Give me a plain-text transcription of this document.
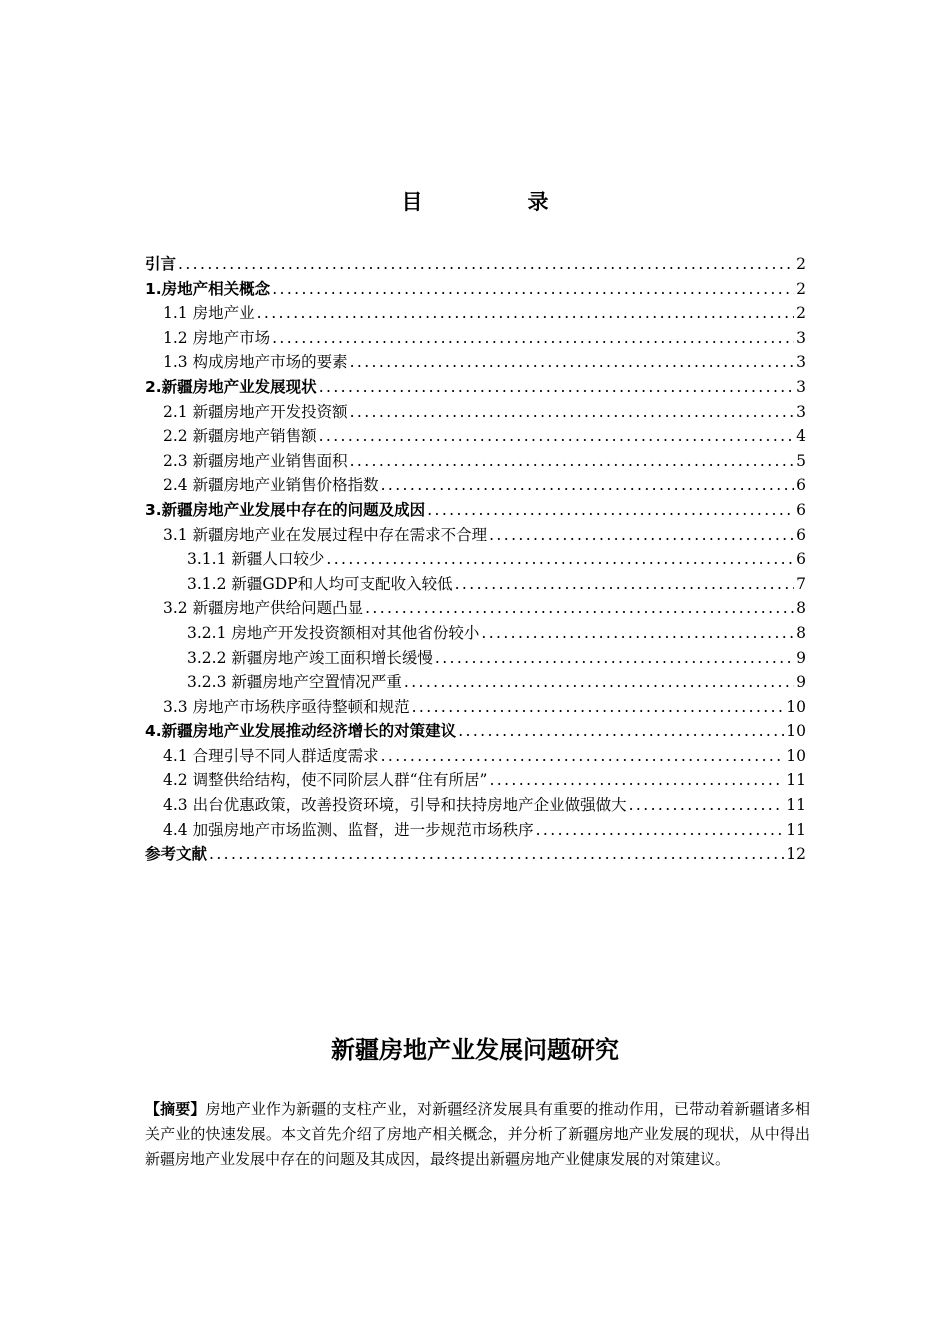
目　录
引言 .....	2
1.房地产相关概念 .....	2
1.1 房地产业 .....	2
1.2 房地产市场 .....	3
1.3 构成房地产市场的要素 .....	3
2.新疆房地产业发展现状 .....	3
2.1 新疆房地产开发投资额 .....	3
2.2 新疆房地产销售额 .....	4
2.3 新疆房地产业销售面积 .....	5
2.4 新疆房地产业销售价格指数 .....	6
3.新疆房地产业发展中存在的问题及成因 .....	6
3.1 新疆房地产业在发展过程中存在需求不合理 .....	6
3.1.1 新疆人口较少 .....	6
3.1.2 新疆GDP和人均可支配收入较低 .....	7
3.2 新疆房地产供给问题凸显 .....	8
3.2.1 房地产开发投资额相对其他省份较小 .....	8
3.2.2 新疆房地产竣工面积增长缓慢 .....	9
3.2.3 新疆房地产空置情况严重 .....	9
3.3 房地产市场秩序亟待整顿和规范 .....	10
4.新疆房地产业发展推动经济增长的对策建议 .....	10
4.1 合理引导不同人群适度需求 .....	10
4.2 调整供给结构，使不同阶层人群“住有所居” .....	11
4.3 出台优惠政策，改善投资环境，引导和扶持房地产企业做强做大 .....	11
4.4 加强房地产市场监测、监督，进一步规范市场秩序 .....	11
参考文献 .....	12
新疆房地产业发展问题研究
【摘要】房地产业作为新疆的支柱产业，对新疆经济发展具有重要的推动作用，已带动着新疆诸多相关产业的快速发展。本文首先介绍了房地产相关概念，并分析了新疆房地产业发展的现状，从中得出新疆房地产业发展中存在的问题及其成因，最终提出新疆房地产业健康发展的对策建议。
